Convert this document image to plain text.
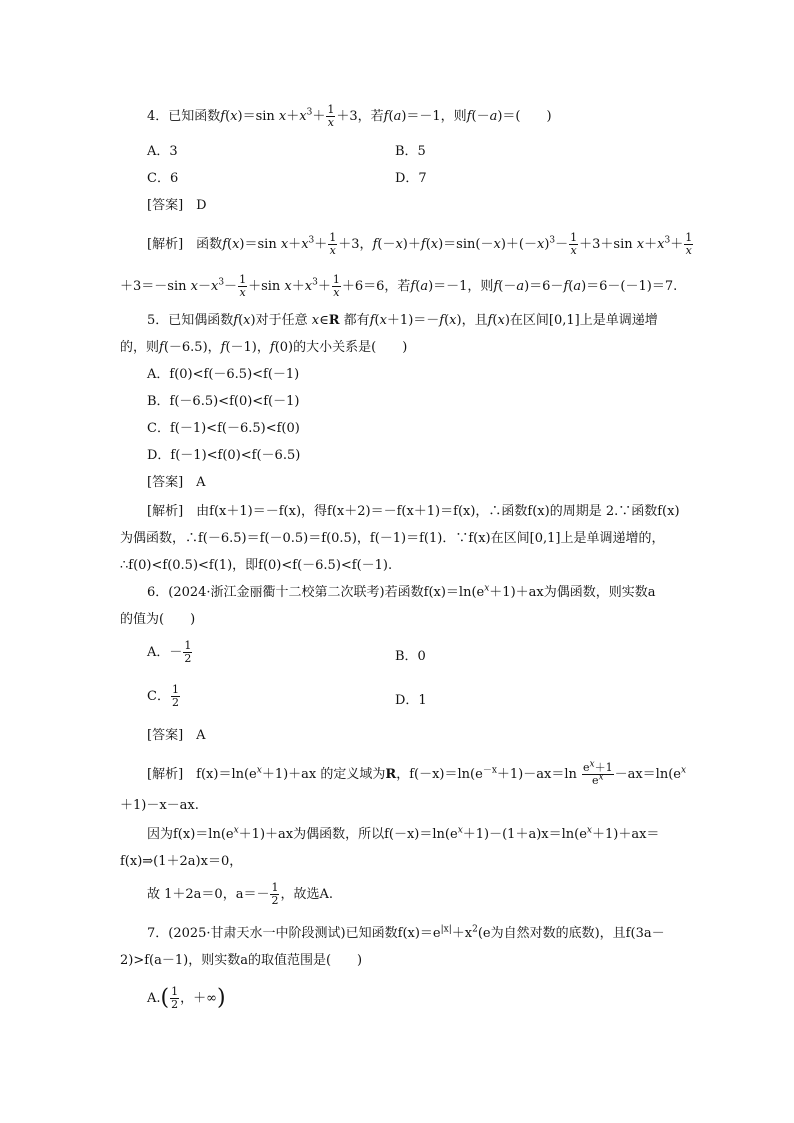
4．已知函数f(x)＝sin $x+x^3+ \frac{1}{x} +3$，若f(a)＝－1，则f(－a)＝(　　)
A．3	B．5
C．6	D．7
[答案]　 D
[解析]　 函数f(x)＝sin $x+x^3+ \frac{1}{x} +3$，$f(-x)+f(x)=\sin(-x)+(-x)^3- \frac{1}{x} +3+\sin$ $x+x^3+ \frac{1}{x}$
＋3＝－sin $x-x^3- \frac{1}{x} +\sin$ $x+x^3+ \frac{1}{x} +6=6$，若f(a)＝－1，则f(－a)＝6－f(a)＝6－(－1)＝7.
5．已知偶函数f(x)对于任意 x∈R 都有f(x＋1)＝－f(x)，且f(x)在区间[0,1]上是单调递增
的，则f(－6.5)，f(－1)，f(0)的大小关系是(　　)
A．f(0)<f(－6.5)<f(－1)
B．f(－6.5)<f(0)<f(－1)
C．f(－1)<f(－6.5)<f(0)
D．f(－1)<f(0)<f(－6.5)
[答案]　 A
[解析]　 由f(x＋1)＝－f(x)，得f(x＋2)＝－f(x＋1)＝f(x)，∴函数f(x)的周期是 2.∵函数f(x)
为偶函数，∴f(－6.5)＝f(－0.5)＝f(0.5)，f(－1)＝f(1)．∵f(x)在区间[0,1]上是单调递增的，
∴f(0)<f(0.5)<f(1)，即f(0)<f(－6.5)<f(－1).
6．(2024·浙江金丽衢十二校第二次联考)若函数$f(x)=\ln(e^x+1)+ax$为偶函数，则实数a
的值为(　　)
A．－ $\frac{1}{2}$	B．0
C． $\frac{1}{2}$	D．1
[答案]　 A
[解析]　 $f(x)=\ln(e^x+1)+ax$ 的定义域为R，$f(-x)=\ln(e^{-x}+1)-ax=\ln \frac{e^x+1}{e^x} -ax=\ln(e^x$
＋1)－x－ax.
因为$f(x)=\ln(e^x+1)+ax$为偶函数，所以$f(-x)=\ln(e^x+1)-(1+a)x=\ln(e^x+1)+ax=$
f(x)⇒(1＋2a)x＝0，
故 1＋2a＝0，$a=- \frac{1}{2}$ ，故选A.
7．(2025·甘肃天水一中阶段测试)已知函数$f(x)=e^{|x|}+x^2(e$为自然对数的底数)，且f(3a－
2)>f(a－1)，则实数a的取值范围是(　　)
$A.( \frac{1}{2}$ ，＋∞)
